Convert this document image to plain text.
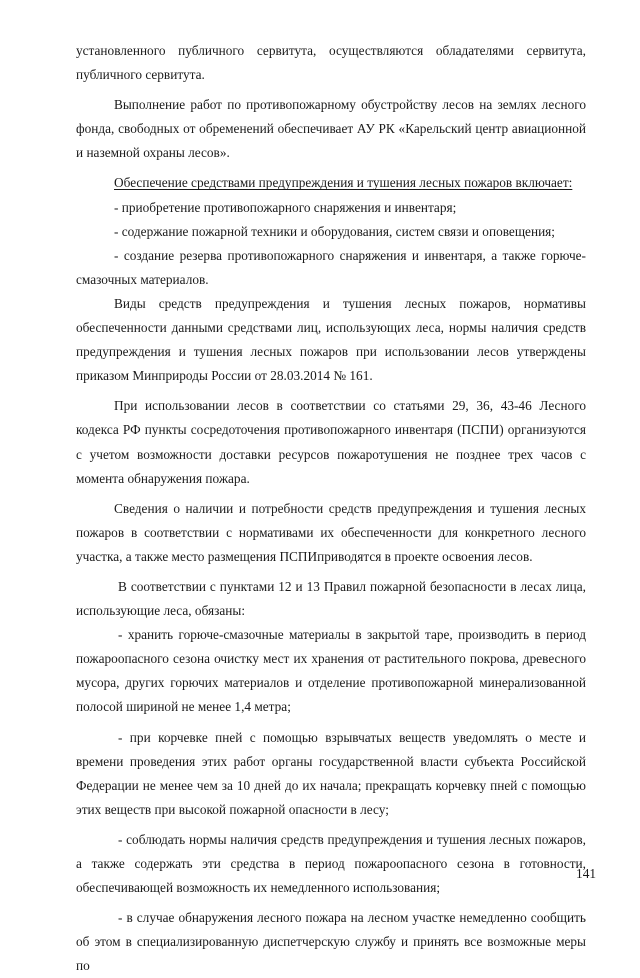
установленного публичного сервитута, осуществляются обладателями сервитута, публичного сервитута.

Выполнение работ по противопожарному обустройству лесов на землях лесного фонда, свободных от обременений обеспечивает АУ РК «Карельский центр авиационной и наземной охраны лесов».

Обеспечение средствами предупреждения и тушения лесных пожаров включает:

- приобретение противопожарного снаряжения и инвентаря;

- содержание пожарной техники и оборудования, систем связи и оповещения;

- создание резерва противопожарного снаряжения и инвентаря, а также горюче-смазочных материалов.

Виды средств предупреждения и тушения лесных пожаров, нормативы обеспеченности данными средствами лиц, использующих леса, нормы наличия средств предупреждения и тушения лесных пожаров при использовании лесов утверждены приказом Минприроды России от 28.03.2014 № 161.

При использовании лесов в соответствии со статьями 29, 36, 43-46 Лесного кодекса РФ пункты сосредоточения противопожарного инвентаря (ПСПИ) организуются с учетом возможности доставки ресурсов пожаротушения не позднее трех часов с момента обнаружения пожара.

Сведения о наличии и потребности средств предупреждения и тушения лесных пожаров в соответствии с нормативами их обеспеченности для конкретного лесного участка, а также место размещения ПСПИприводятся в проекте освоения лесов.

В соответствии с пунктами 12 и 13 Правил пожарной безопасности в лесах лица, использующие леса, обязаны:

- хранить горюче-смазочные материалы в закрытой таре, производить в период пожароопасного сезона очистку мест их хранения от растительного покрова, древесного мусора, других горючих материалов и отделение противопожарной минерализованной полосой шириной не менее 1,4 метра;

- при корчевке пней с помощью взрывчатых веществ уведомлять о месте и времени проведения этих работ органы государственной власти субъекта Российской Федерации не менее чем за 10 дней до их начала; прекращать корчевку пней с помощью этих веществ при высокой пожарной опасности в лесу;

- соблюдать нормы наличия средств предупреждения и тушения лесных пожаров, а также содержать эти средства в период пожароопасного сезона в готовности, обеспечивающей возможность их немедленного использования;

- в случае обнаружения лесного пожара на лесном участке немедленно сообщить об этом в специализированную диспетчерскую службу и принять все возможные меры по

141
